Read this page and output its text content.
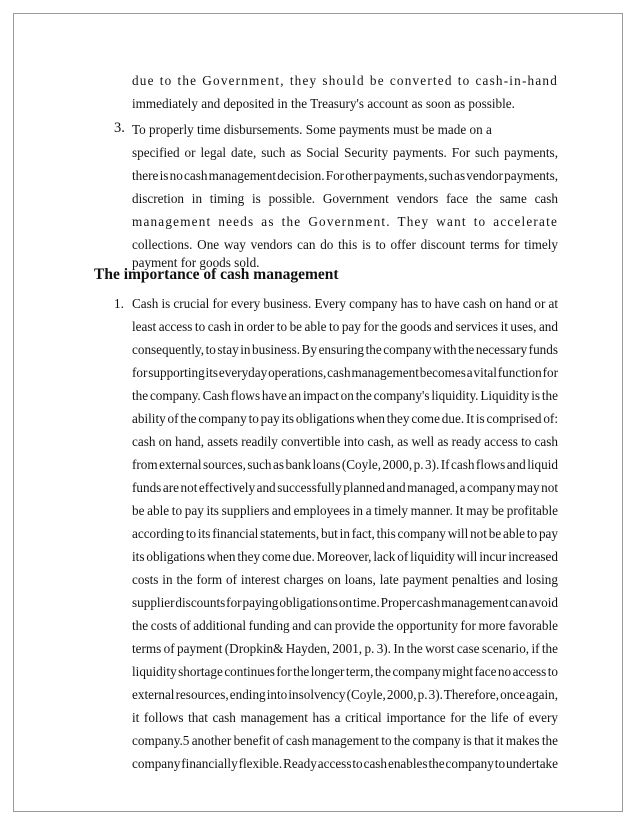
due to the Government, they should be converted to cash-in-hand
immediately and deposited in the Treasury's account as soon as possible.
3. To properly time disbursements. Some payments must be made on a
specified or legal date, such as Social Security payments. For such payments,
there is no cash management decision. For other payments, such as vendor payments,
discretion in timing is possible. Government vendors face the same cash
management needs as the Government. They want to accelerate
collections. One way vendors can do this is to offer discount terms for timely
payment for goods sold.
The importance of cash management
1. Cash is crucial for every business. Every company has to have cash on hand or at
least access to cash in order to be able to pay for the goods and services it uses, and
consequently, to stay in business. By ensuring the company with the necessary funds
for supporting its everyday operations, cash management becomes a vital function for
the company. Cash flows have an impact on the company's liquidity. Liquidity is the
ability of the company to pay its obligations when they come due. It is comprised of:
cash on hand, assets readily convertible into cash, as well as ready access to cash
from external sources, such as bank loans (Coyle, 2000, p. 3). If cash flows and liquid
funds are not effectively and successfully planned and managed, a company may not
be able to pay its suppliers and employees in a timely manner. It may be profitable
according to its financial statements, but in fact, this company will not be able to pay
its obligations when they come due. Moreover, lack of liquidity will incur increased
costs in the form of interest charges on loans, late payment penalties and losing
supplier discounts for paying obligations on time. Proper cash management can avoid
the costs of additional funding and can provide the opportunity for more favorable
terms of payment (Dropkin& Hayden, 2001, p. 3). In the worst case scenario, if the
liquidity shortage continues for the longer term, the company might face no access to
external resources, ending into insolvency (Coyle, 2000, p. 3). Therefore, once again,
it follows that cash management has a critical importance for the life of every
company.5 another benefit of cash management to the company is that it makes the
company financially flexible. Ready access to cash enables the company to undertake
